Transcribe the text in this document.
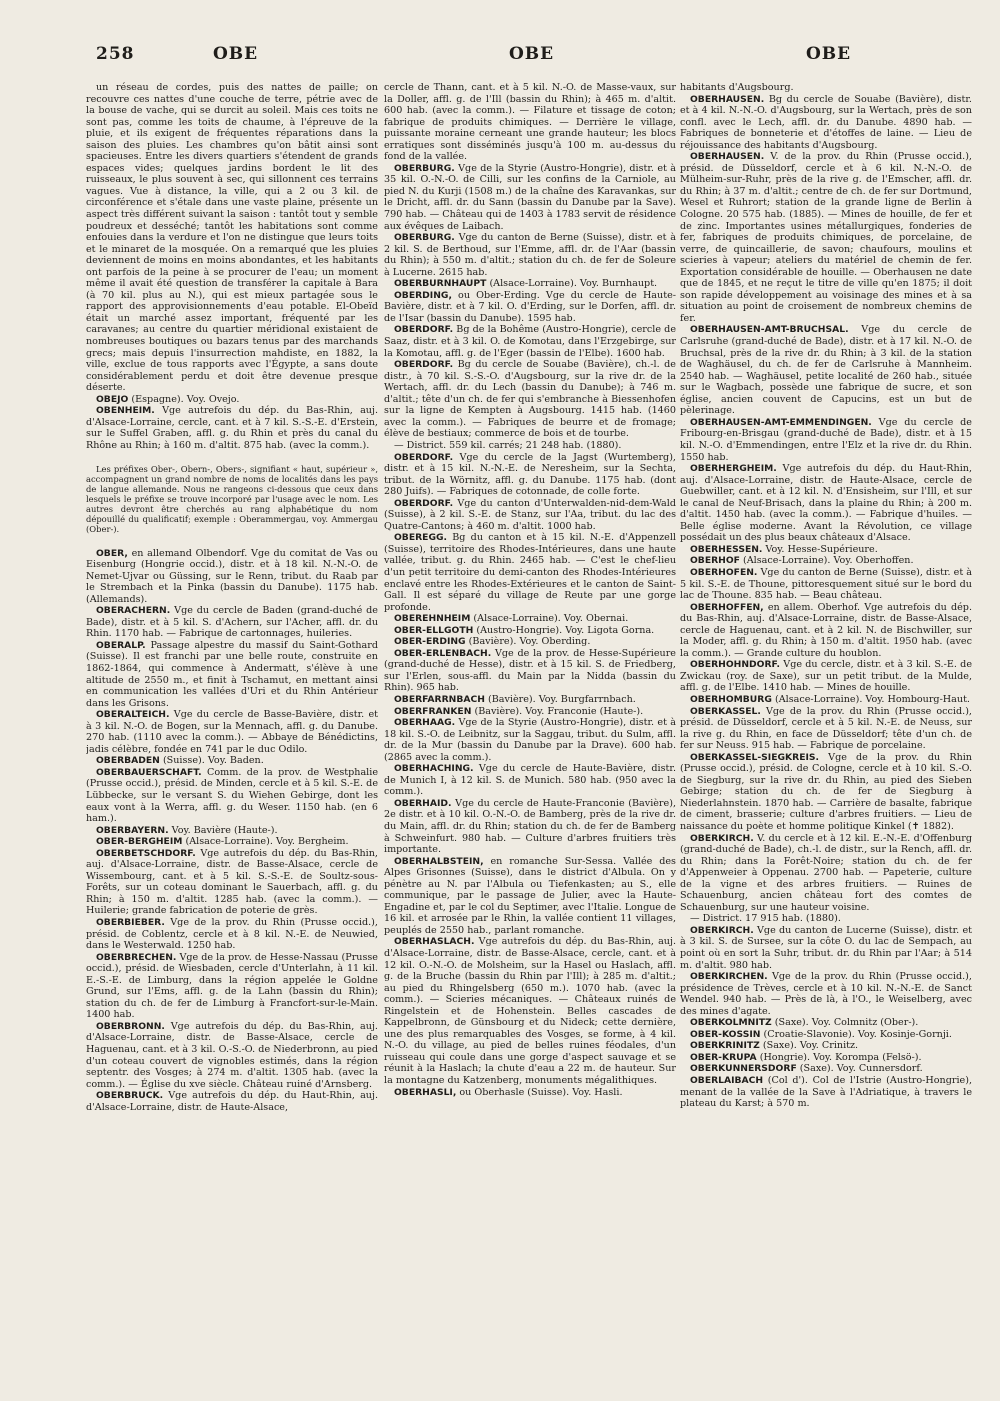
258	OBE	OBE	OBE

un réseau de cordes, puis des nattes de paille; on recouvre ces nattes d'une couche de terre, pétrie avec de la bouse de vache, qui se durcit au soleil. Mais ces toits ne sont pas, comme les toits de chaume, à l'épreuve de la pluie, et ils exigent de fréquentes réparations dans la saison des pluies. Les chambres qu'on bâtit ainsi sont spacieuses. Entre les divers quartiers s'étendent de grands espaces vides; quelques jardins bordent le lit des ruisseaux, le plus souvent à sec, qui sillonnent ces terrains vagues. Vue à distance, la ville, qui a 2 ou 3 kil. de circonférence et s'étale dans une vaste plaine, présente un aspect très différent suivant la saison : tantôt tout y semble poudreux et desséché; tantôt les habitations sont comme enfouies dans la verdure et l'on ne distingue que leurs toits et le minaret de la mosquée. On a remarqué que les pluies deviennent de moins en moins abondantes, et les habitants ont parfois de la peine à se procurer de l'eau; un moment même il avait été question de transférer la capitale à Bara (à 70 kil. plus au N.), qui est mieux partagée sous le rapport des approvisionnements d'eau potable. El-Obeïd était un marché assez important, fréquenté par les caravanes; au centre du quartier méridional existaient de nombreuses boutiques ou bazars tenus par des marchands grecs; mais depuis l'insurrection mahdiste, en 1882, la ville, exclue de tous rapports avec l'Égypte, a sans doute considérablement perdu et doit être devenue presque déserte.

OBEJO (Espagne). Voy. Ovejo.

OBENHEIM. Vge autrefois du dép. du Bas-Rhin, auj. d'Alsace-Lorraine, cercle, cant. et à 7 kil. S.-S.-E. d'Erstein, sur le Suffel Graben, affl. g. du Rhin et près du canal du Rhône au Rhin; à 160 m. d'altit. 875 hab. (avec la comm.).

Les préfixes Ober-, Obern-, Obers-, signifiant « haut, supérieur », accompagnent un grand nombre de noms de localités dans les pays de langue allemande. Nous ne rangeons ci-dessous que ceux dans lesquels le préfixe se trouve incorporé par l'usage avec le nom. Les autres devront être cherchés au rang alphabétique du nom dépouillé du qualificatif; exemple : Oberammergau, voy. Ammergau (Ober-).

OBER, en allemand Olbendorf. Vge du comitat de Vas ou Eisenburg (Hongrie occid.), distr. et à 18 kil. N.-N.-O. de Nemet-Ujvar ou Güssing, sur le Renn, tribut. du Raab par le Strembach et la Pinka (bassin du Danube). 1175 hab. (Allemands).

OBERACHERN. Vge du cercle de Baden (grand-duché de Bade), distr. et à 5 kil. S. d'Achern, sur l'Acher, affl. dr. du Rhin. 1170 hab. — Fabrique de cartonnages, huileries.

OBERALP. Passage alpestre du massif du Saint-Gothard (Suisse). Il est franchi par une belle route, construite en 1862-1864, qui commence à Andermatt, s'élève à une altitude de 2550 m., et finit à Tschamut, en mettant ainsi en communication les vallées d'Uri et du Rhin Antérieur dans les Grisons.

OBERALTEICH. Vge du cercle de Basse-Bavière, distr. et à 3 kil. N.-O. de Bogen, sur la Mennach, affl. g. du Danube. 270 hab. (1110 avec la comm.). — Abbaye de Bénédictins, jadis célèbre, fondée en 741 par le duc Odilo.

OBERBADEN (Suisse). Voy. Baden.

OBERBAUERSCHAFT. Comm. de la prov. de Westphalie (Prusse occid.), présid. de Minden, cercle et à 5 kil. S.-E. de Lübbecke, sur le versant S. du Wiehen Gebirge, dont les eaux vont à la Werra, affl. g. du Weser. 1150 hab. (en 6 ham.).

OBERBAYERN. Voy. Bavière (Haute-).

OBER-BERGHEIM (Alsace-Lorraine). Voy. Bergheim.

OBERBETSCHDORF. Vge autrefois du dép. du Bas-Rhin, auj. d'Alsace-Lorraine, distr. de Basse-Alsace, cercle de Wissembourg, cant. et à 5 kil. S.-S.-E. de Soultz-sous-Forêts, sur un coteau dominant le Sauerbach, affl. g. du Rhin; à 150 m. d'altit. 1285 hab. (avec la comm.). — Huilerie; grande fabrication de poterie de grès.

OBERBIEBER. Vge de la prov. du Rhin (Prusse occid.), présid. de Coblentz, cercle et à 8 kil. N.-E. de Neuwied, dans le Westerwald. 1250 hab.

OBERBRECHEN. Vge de la prov. de Hesse-Nassau (Prusse occid.), présid. de Wiesbaden, cercle d'Unterlahn, à 11 kil. E.-S.-E. de Limburg, dans la région appelée le Goldne Grund, sur l'Ems, affl. g. de la Lahn (bassin du Rhin); station du ch. de fer de Limburg à Francfort-sur-le-Main. 1400 hab.

OBERBRONN. Vge autrefois du dép. du Bas-Rhin, auj. d'Alsace-Lorraine, distr. de Basse-Alsace, cercle de Haguenau, cant. et à 3 kil. O.-S.-O. de Niederbronn, au pied d'un coteau couvert de vignobles estimés, dans la région septentr. des Vosges; à 274 m. d'altit. 1305 hab. (avec la comm.). — Église du xve siècle. Château ruiné d'Arnsberg.

OBERBRUCK. Vge autrefois du dép. du Haut-Rhin, auj. d'Alsace-Lorraine, distr. de Haute-Alsace,

cercle de Thann, cant. et à 5 kil. N.-O. de Masse-vaux, sur la Doller, affl. g. de l'Ill (bassin du Rhin); à 465 m. d'altit. 600 hab. (avec la comm.). — Filature et tissage de coton; fabrique de produits chimiques. — Derrière le village, puissante moraine cerneant une grande hauteur; les blocs erratiques sont disséminés jusqu'à 100 m. au-dessus du fond de la vallée.

OBERBURG. Vge de la Styrie (Austro-Hongrie), distr. et à 35 kil. O.-N.-O. de Cilli, sur les confins de la Carniole, au pied N. du Kurji (1508 m.) de la chaîne des Karavankas, sur le Dricht, affl. dr. du Sann (bassin du Danube par la Save). 790 hab. — Château qui de 1403 à 1783 servit de résidence aux évêques de Laibach.

OBERBURG. Vge du canton de Berne (Suisse), distr. et à 2 kil. S. de Berthoud, sur l'Emme, affl. dr. de l'Aar (bassin du Rhin); à 550 m. d'altit.; station du ch. de fer de Soleure à Lucerne. 2615 hab.

OBERBURNHAUPT (Alsace-Lorraine). Voy. Burnhaupt.

OBERDING, ou Ober-Erding. Vge du cercle de Haute-Bavière, distr. et à 7 kil. O. d'Erding, sur le Dorfen, affl. dr. de l'Isar (bassin du Danube). 1595 hab.

OBERDORF. Bg de la Bohême (Austro-Hongrie), cercle de Saaz, distr. et à 3 kil. O. de Komotau, dans l'Erzgebirge, sur la Komotau, affl. g. de l'Eger (bassin de l'Elbe). 1600 hab.

OBERDORF. Bg du cercle de Souabe (Bavière), ch.-l. de distr., à 70 kil. S.-S.-O. d'Augsbourg, sur la rive dr. de la Wertach, affl. dr. du Lech (bassin du Danube); à 746 m. d'altit.; tête d'un ch. de fer qui s'embranche à Biessenhofen sur la ligne de Kempten à Augsbourg. 1415 hab. (1460 avec la comm.). — Fabriques de beurre et de fromage; élève de bestiaux; commerce de bois et de tourbe.

— District. 559 kil. carrés; 21 248 hab. (1880).

OBERDORF. Vge du cercle de la Jagst (Wurtemberg), distr. et à 15 kil. N.-N.-E. de Neresheim, sur la Sechta, tribut. de la Wörnitz, affl. g. du Danube. 1175 hab. (dont 280 Juifs). — Fabriques de cotonnade, de colle forte.

OBERDORF. Vge du canton d'Unterwalden-nid-dem-Wald (Suisse), à 2 kil. S.-E. de Stanz, sur l'Aa, tribut. du lac des Quatre-Cantons; à 460 m. d'altit. 1000 hab.

OBEREGG. Bg du canton et à 15 kil. N.-E. d'Appenzell (Suisse), territoire des Rhodes-Intérieures, dans une haute vallée, tribut. g. du Rhin. 2465 hab. — C'est le chef-lieu d'un petit territoire du demi-canton des Rhodes-Intérieures enclavé entre les Rhodes-Extérieures et le canton de Saint-Gall. Il est séparé du village de Reute par une gorge profonde.

OBEREHNHEIM (Alsace-Lorraine). Voy. Obernai.

OBER-ELLGOTH (Austro-Hongrie). Voy. Ligota Gorna.

OBER-ERDING (Bavière). Voy. Oberding.

OBER-ERLENBACH. Vge de la prov. de Hesse-Supérieure (grand-duché de Hesse), distr. et à 15 kil. S. de Friedberg, sur l'Erlen, sous-affl. du Main par la Nidda (bassin du Rhin). 965 hab.

OBERFARRNBACH (Bavière). Voy. Burgfarrnbach.

OBERFRANKEN (Bavière). Voy. Franconie (Haute-).

OBERHAAG. Vge de la Styrie (Austro-Hongrie), distr. et à 18 kil. S.-O. de Leibnitz, sur la Saggau, tribut. du Sulm, affl. dr. de la Mur (bassin du Danube par la Drave). 600 hab. (2865 avec la comm.).

OBERHACHING. Vge du cercle de Haute-Bavière, distr. de Munich I, à 12 kil. S. de Munich. 580 hab. (950 avec la comm.).

OBERHAID. Vge du cercle de Haute-Franconie (Bavière), 2e distr. et à 10 kil. O.-N.-O. de Bamberg, près de la rive dr. du Main, affl. dr. du Rhin; station du ch. de fer de Bamberg à Schweinfurt. 980 hab. — Culture d'arbres fruitiers très importante.

OBERHALBSTEIN, en romanche Sur-Sessa. Vallée des Alpes Grisonnes (Suisse), dans le district d'Albula. On y pénètre au N. par l'Albula ou Tiefenkasten; au S., elle communique, par le passage de Julier, avec la Haute-Engadine et, par le col du Septimer, avec l'Italie. Longue de 16 kil. et arrosée par le Rhin, la vallée contient 11 villages, peuplés de 2550 hab., parlant romanche.

OBERHASLACH. Vge autrefois du dép. du Bas-Rhin, auj. d'Alsace-Lorraine, distr. de Basse-Alsace, cercle, cant. et à 12 kil. O.-N.-O. de Molsheim, sur la Hasel ou Haslach, affl. g. de la Bruche (bassin du Rhin par l'Ill); à 285 m. d'altit.; au pied du Rhingelsberg (650 m.). 1070 hab. (avec la comm.). — Scieries mécaniques. — Châteaux ruinés de Ringelstein et de Hohenstein. Belles cascades de Kappelbronn, de Günsbourg et du Nideck; cette dernière, une des plus remarquables des Vosges, se forme, à 4 kil. N.-O. du village, au pied de belles ruines féodales, d'un ruisseau qui coule dans une gorge d'aspect sauvage et se réunit à la Haslach; la chute d'eau a 22 m. de hauteur. Sur la montagne du Katzenberg, monuments mégalithiques.

OBERHASLI, ou Oberhasle (Suisse). Voy. Hasli.

habitants d'Augsbourg.

OBERHAUSEN. Bg du cercle de Souabe (Bavière), distr. et à 4 kil. N.-N.-O. d'Augsbourg, sur la Wertach, près de son confl. avec le Lech, affl. dr. du Danube. 4890 hab. — Fabriques de bonneterie et d'étoffes de laine. — Lieu de réjouissance des habitants d'Augsbourg.

OBERHAUSEN. V. de la prov. du Rhin (Prusse occid.), présid. de Düsseldorf, cercle et à 6 kil. N.-N.-O. de Mülheim-sur-Ruhr, près de la rive g. de l'Emscher, affl. dr. du Rhin; à 37 m. d'altit.; centre de ch. de fer sur Dortmund, Wesel et Ruhrort; station de la grande ligne de Berlin à Cologne. 20 575 hab. (1885). — Mines de houille, de fer et de zinc. Importantes usines métallurgiques, fonderies de fer, fabriques de produits chimiques, de porcelaine, de verre, de quincaillerie, de savon; chaufours, moulins et scieries à vapeur; ateliers du matériel de chemin de fer. Exportation considérable de houille. — Oberhausen ne date que de 1845, et ne reçut le titre de ville qu'en 1875; il doit son rapide développement au voisinage des mines et à sa situation au point de croisement de nombreux chemins de fer.

OBERHAUSEN-AMT-BRUCHSAL. Vge du cercle de Carlsruhe (grand-duché de Bade), distr. et à 17 kil. N.-O. de Bruchsal, près de la rive dr. du Rhin; à 3 kil. de la station de Waghäusel, du ch. de fer de Carlsruhe à Mannheim. 2540 hab. — Waghäusel, petite localité de 260 hab., située sur le Wagbach, possède une fabrique de sucre, et son église, ancien couvent de Capucins, est un but de pèlerinage.

OBERHAUSEN-AMT-EMMENDINGEN. Vge du cercle de Fribourg-en-Brisgau (grand-duché de Bade), distr. et à 15 kil. N.-O. d'Emmendingen, entre l'Elz et la rive dr. du Rhin. 1550 hab.

OBERHERGHEIM. Vge autrefois du dép. du Haut-Rhin, auj. d'Alsace-Lorraine, distr. de Haute-Alsace, cercle de Guebwiller, cant. et à 12 kil. N. d'Ensisheim, sur l'Ill, et sur le canal de Neuf-Brisach, dans la plaine du Rhin; à 200 m. d'altit. 1450 hab. (avec la comm.). — Fabrique d'huiles. — Belle église moderne. Avant la Révolution, ce village possédait un des plus beaux châteaux d'Alsace.

OBERHESSEN. Voy. Hesse-Supérieure.

OBERHOF (Alsace-Lorraine). Voy. Oberhoffen.

OBERHOFEN. Vge du canton de Berne (Suisse), distr. et à 5 kil. S.-E. de Thoune, pittoresquement situé sur le bord du lac de Thoune. 835 hab. — Beau château.

OBERHOFFEN, en allem. Oberhof. Vge autrefois du dép. du Bas-Rhin, auj. d'Alsace-Lorraine, distr. de Basse-Alsace, cercle de Haguenau, cant. et à 2 kil. N. de Bischwiller, sur la Moder, affl. g. du Rhin; à 150 m. d'altit. 1950 hab. (avec la comm.). — Grande culture du houblon.

OBERHOHNDORF. Vge du cercle, distr. et à 3 kil. S.-E. de Zwickau (roy. de Saxe), sur un petit tribut. de la Mulde, affl. g. de l'Elbe. 1410 hab. — Mines de houille.

OBERHOMBURG (Alsace-Lorraine). Voy. Hombourg-Haut.

OBERKASSEL. Vge de la prov. du Rhin (Prusse occid.), présid. de Düsseldorf, cercle et à 5 kil. N.-E. de Neuss, sur la rive g. du Rhin, en face de Düsseldorf; tête d'un ch. de fer sur Neuss. 915 hab. — Fabrique de porcelaine.

OBERKASSEL-SIEGKREIS. Vge de la prov. du Rhin (Prusse occid.), présid. de Cologne, cercle et à 10 kil. S.-O. de Siegburg, sur la rive dr. du Rhin, au pied des Sieben Gebirge; station du ch. de fer de Siegburg à Niederlahnstein. 1870 hab. — Carrière de basalte, fabrique de ciment, brasserie; culture d'arbres fruitiers. — Lieu de naissance du poète et homme politique Kinkel (✝ 1882).

OBERKIRCH. V. du cercle et à 12 kil. E.-N.-E. d'Offenburg (grand-duché de Bade), ch.-l. de distr., sur la Rench, affl. dr. du Rhin; dans la Forêt-Noire; station du ch. de fer d'Appenweier à Oppenau. 2700 hab. — Papeterie, culture de la vigne et des arbres fruitiers. — Ruines de Schauenburg, ancien château fort des comtes de Schauenburg, sur une hauteur voisine.

— District. 17 915 hab. (1880).

OBERKIRCH. Vge du canton de Lucerne (Suisse), distr. et à 3 kil. S. de Sursee, sur la côte O. du lac de Sempach, au point où en sort la Suhr, tribut. dr. du Rhin par l'Aar; à 514 m. d'altit. 980 hab.

OBERKIRCHEN. Vge de la prov. du Rhin (Prusse occid.), présidence de Trèves, cercle et à 10 kil. N.-N.-E. de Sanct Wendel. 940 hab. — Près de là, à l'O., le Weiselberg, avec des mines d'agate.

OBERKOLMNITZ (Saxe). Voy. Colmnitz (Ober-).

OBER-KOSSIN (Croatie-Slavonie). Voy. Kosinje-Gornji.

OBERKRINITZ (Saxe). Voy. Crinitz.

OBER-KRUPA (Hongrie). Voy. Korompa (Felsö-).

OBERKUNNERSDORF (Saxe). Voy. Cunnersdorf.

OBERLAIBACH (Col d'). Col de l'Istrie (Austro-Hongrie), menant de la vallée de la Save à l'Adriatique, à travers le plateau du Karst; à 570 m.
